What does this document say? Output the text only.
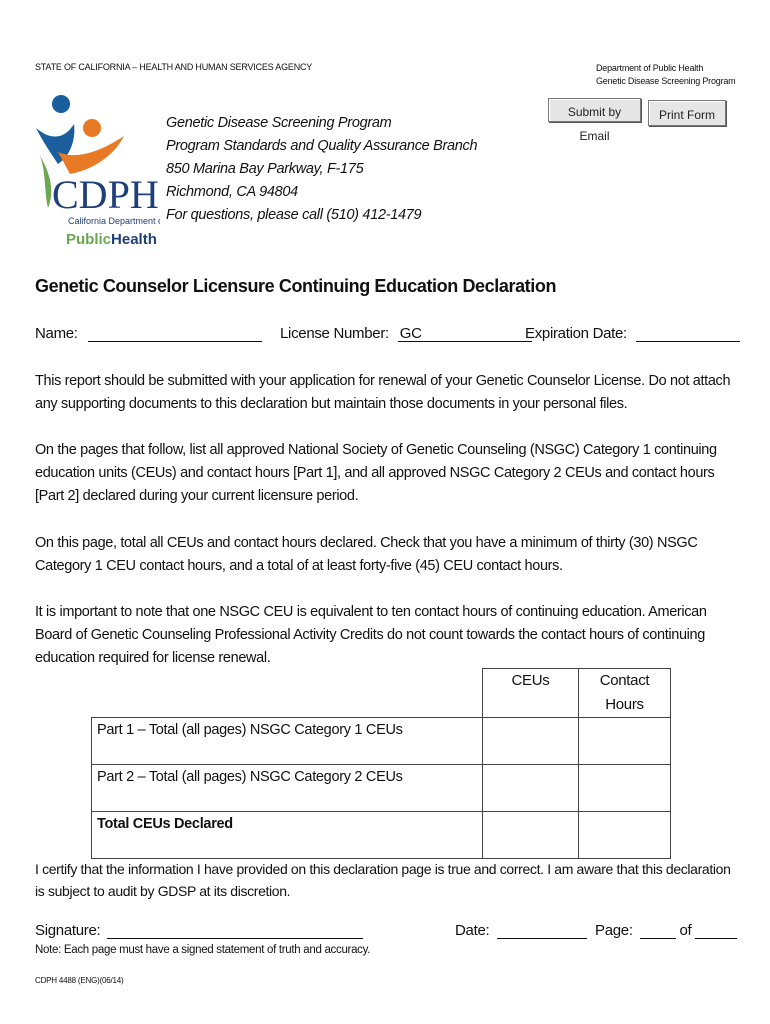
STATE OF CALIFORNIA – HEALTH AND HUMAN SERVICES AGENCY	Department of Public Health
Genetic Disease Screening Program
Submit by Email
Print Form
CDPH
California Department of
PublicHealth
Genetic Disease Screening Program
Program Standards and Quality Assurance Branch
850 Marina Bay Parkway, F-175
Richmond, CA 94804
For questions, please call (510) 412-1479
Genetic Counselor Licensure Continuing Education Declaration
Name:	License Number: GC	Expiration Date:
This report should be submitted with your application for renewal of your Genetic Counselor License. Do not attach any supporting documents to this declaration but maintain those documents in your personal files.
On the pages that follow, list all approved National Society of Genetic Counseling (NSGC) Category 1 continuing education units (CEUs) and contact hours [Part 1], and all approved NSGC Category 2 CEUs and contact hours [Part 2] declared during your current licensure period.
On this page, total all CEUs and contact hours declared. Check that you have a minimum of thirty (30) NSGC Category 1 CEU contact hours, and a total of at least forty-five (45) CEU contact hours.
It is important to note that one NSGC CEU is equivalent to ten contact hours of continuing education. American Board of Genetic Counseling Professional Activity Credits do not count towards the contact hours of continuing education required for license renewal.
	CEUs	Contact Hours
Part 1 – Total (all pages) NSGC Category 1 CEUs		
Part 2 – Total (all pages) NSGC Category 2 CEUs		
Total CEUs Declared		
I certify that the information I have provided on this declaration page is true and correct. I am aware that this declaration is subject to audit by GDSP at its discretion.
Signature:	Date:	Page:	of
Note: Each page must have a signed statement of truth and accuracy.
CDPH 4488 (ENG)(06/14)
